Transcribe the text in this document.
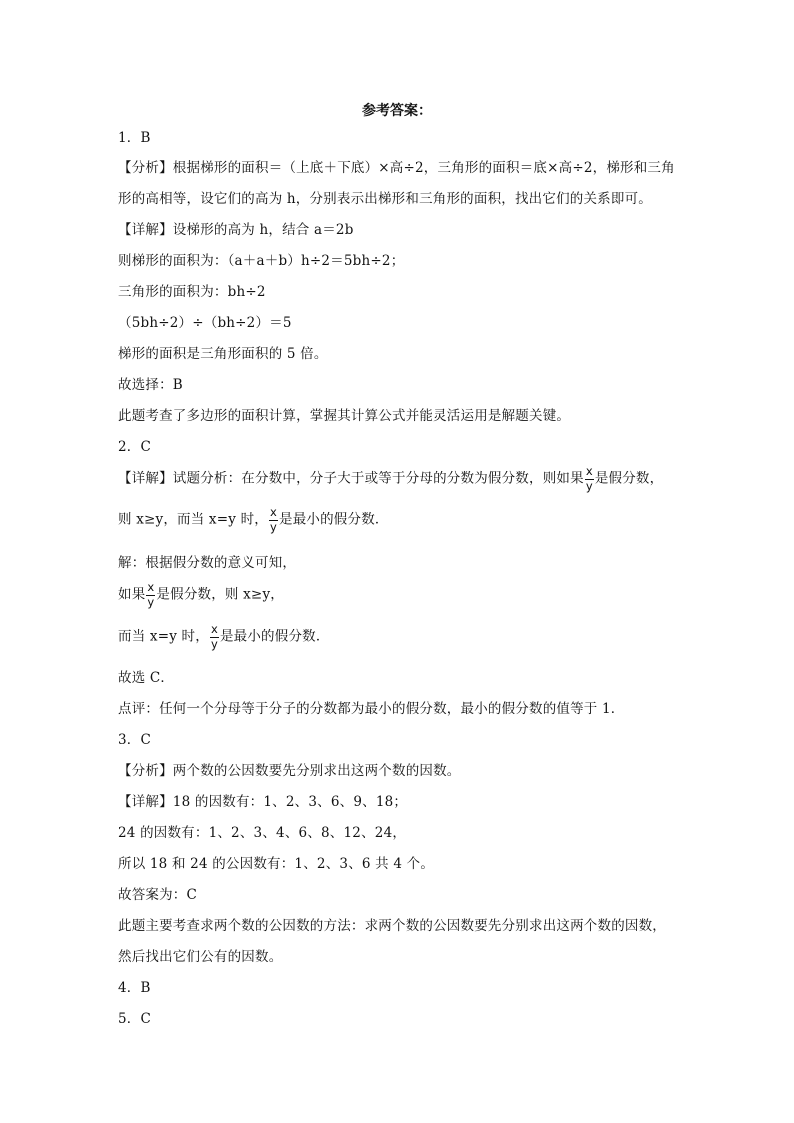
参考答案：
1．B
【分析】根据梯形的面积＝（上底＋下底）×高÷2，三角形的面积＝底×高÷2，梯形和三角
形的高相等，设它们的高为 h，分别表示出梯形和三角形的面积，找出它们的关系即可。
【详解】设梯形的高为 h，结合 a＝2b
则梯形的面积为：（a＋a＋b）h÷2＝5bh÷2；
三角形的面积为：bh÷2
（5bh÷2）÷（bh÷2）＝5
梯形的面积是三角形面积的 5 倍。
故选择：B
此题考查了多边形的面积计算，掌握其计算公式并能灵活运用是解题关键。
2．C
【详解】试题分析：在分数中，分子大于或等于分母的分数为假分数，则如果 $\frac{x}{y}$ 是假分数，
则 x≥y，而当 x=y 时， $\frac{x}{y}$ 是最小的假分数．
解：根据假分数的意义可知，
如果 $\frac{x}{y}$ 是假分数，则 x≥y，
而当 x=y 时， $\frac{x}{y}$ 是最小的假分数．
故选 C．
点评：任何一个分母等于分子的分数都为最小的假分数，最小的假分数的值等于 1．
3．C
【分析】两个数的公因数要先分别求出这两个数的因数。
【详解】18 的因数有：1、2、3、6、9、18；
24 的因数有：1、2、3、4、6、8、12、24，
所以 18 和 24 的公因数有：1、2、3、6 共 4 个。
故答案为：C
此题主要考查求两个数的公因数的方法：求两个数的公因数要先分别求出这两个数的因数，
然后找出它们公有的因数。
4．B
5．C
